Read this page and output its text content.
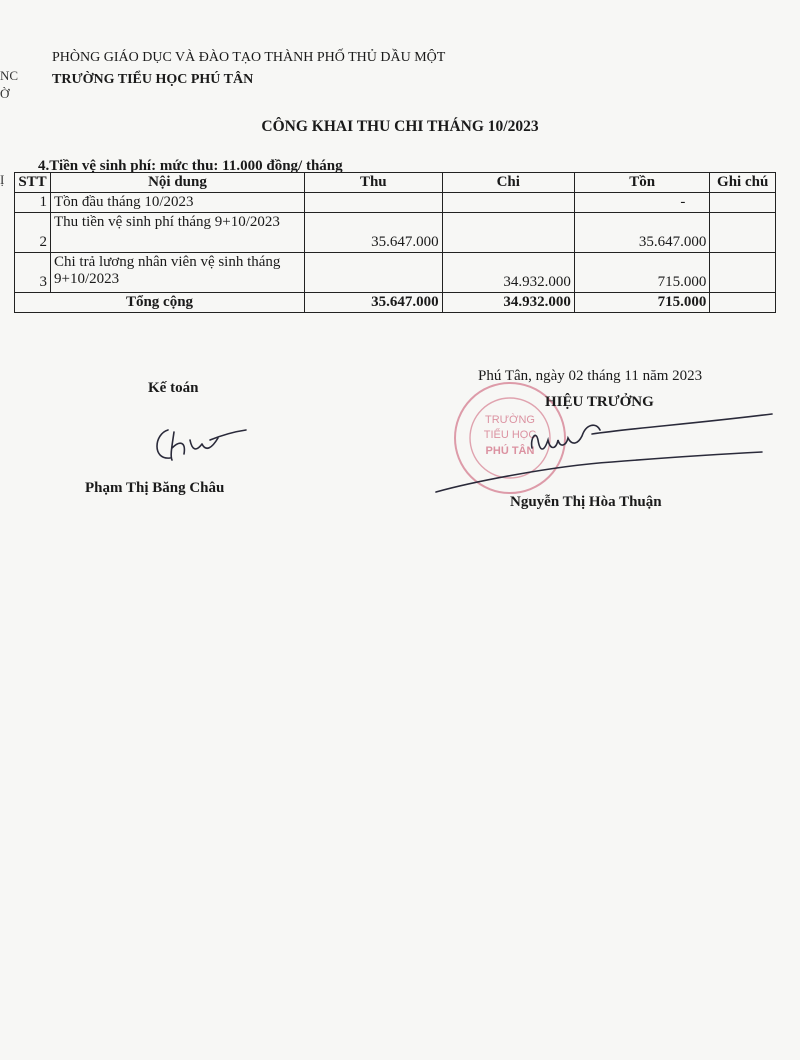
NC
Ờ
Ị
PHÒNG GIÁO DỤC VÀ ĐÀO TẠO THÀNH PHỐ THỦ DẦU MỘT
TRƯỜNG TIỂU HỌC PHÚ TÂN
CÔNG KHAI THU CHI THÁNG 10/2023
4.Tiền vệ sinh phí: mức thu: 11.000 đồng/ tháng
STT	Nội dung	Thu	Chi	Tồn	Ghi chú
1	Tồn đầu tháng 10/2023			-	
2	Thu tiền vệ sinh phí tháng 9+10/2023	35.647.000		35.647.000	
3	Chi trả lương nhân viên vệ sinh tháng 9+10/2023		34.932.000	715.000	
Tổng cộng		35.647.000	34.932.000	715.000	
Kế toán
Phạm Thị Băng Châu
TRƯỜNG
TIỂU HỌC
PHÚ TÂN
Phú Tân, ngày 02 tháng 11 năm 2023
HIỆU TRƯỞNG
Nguyễn Thị Hòa Thuận
